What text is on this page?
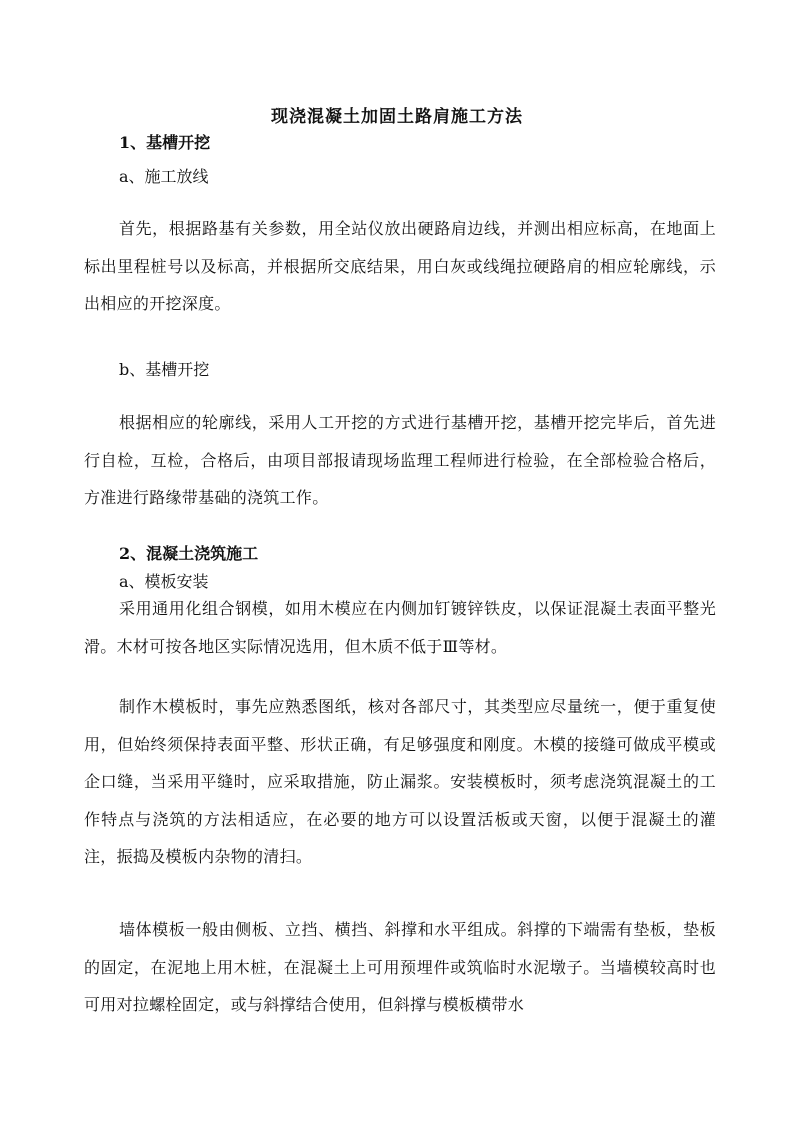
现浇混凝土加固土路肩施工方法
1、基槽开挖
a、施工放线
首先，根据路基有关参数，用全站仪放出硬路肩边线，并测出相应标高，在地面上标出里程桩号以及标高，并根据所交底结果，用白灰或线绳拉硬路肩的相应轮廓线，示出相应的开挖深度。
b、基槽开挖
根据相应的轮廓线，采用人工开挖的方式进行基槽开挖，基槽开挖完毕后，首先进行自检，互检，合格后，由项目部报请现场监理工程师进行检验，在全部检验合格后，方准进行路缘带基础的浇筑工作。
2、混凝土浇筑施工
a、模板安装
采用通用化组合钢模，如用木模应在内侧加钉镀锌铁皮，以保证混凝土表面平整光滑。木材可按各地区实际情况选用，但木质不低于Ⅲ等材。
制作木模板时，事先应熟悉图纸，核对各部尺寸，其类型应尽量统一，便于重复使用，但始终须保持表面平整、形状正确，有足够强度和刚度。木模的接缝可做成平模或企口缝，当采用平缝时，应采取措施，防止漏浆。安装模板时，须考虑浇筑混凝土的工作特点与浇筑的方法相适应，在必要的地方可以设置活板或天窗，以便于混凝土的灌注，振捣及模板内杂物的清扫。
墙体模板一般由侧板、立挡、横挡、斜撑和水平组成。斜撑的下端需有垫板，垫板的固定，在泥地上用木桩，在混凝土上可用预埋件或筑临时水泥墩子。当墙模较高时也可用对拉螺栓固定，或与斜撑结合使用，但斜撑与模板横带水
